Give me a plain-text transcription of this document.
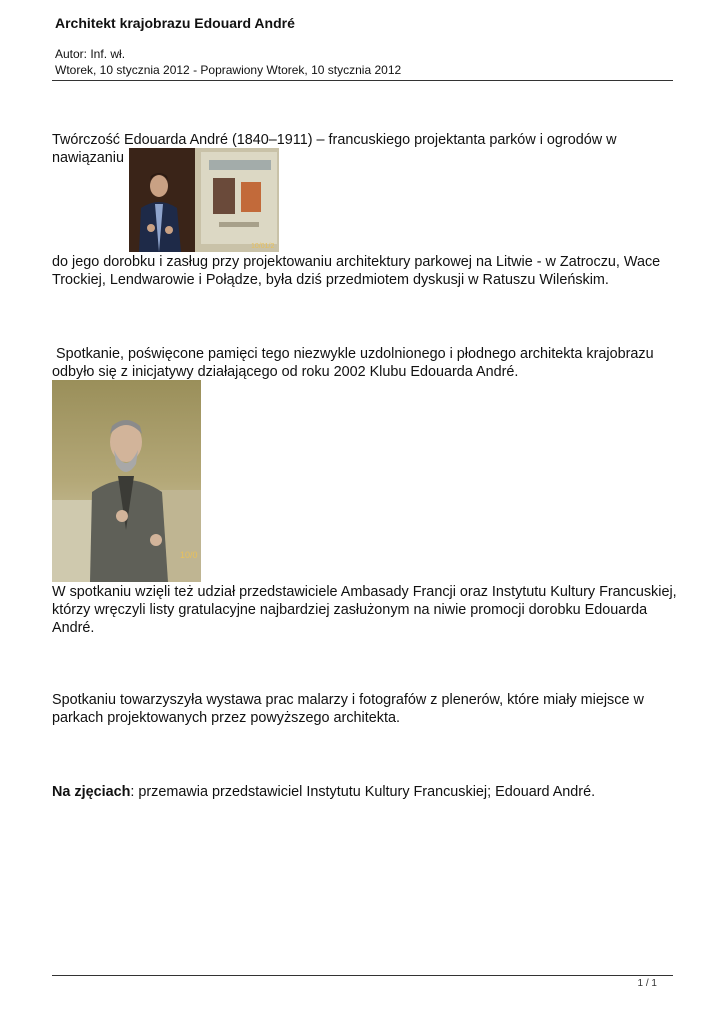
Architekt krajobrazu Edouard André
Autor: Inf. wł.
Wtorek, 10 stycznia 2012 - Poprawiony Wtorek, 10 stycznia 2012

Twórczość Edouarda André (1840–1911) – francuskiego projektanta parków i ogrodów w

nawiązaniu

10/01/2

do jego dorobku i zasług przy projektowaniu architektury parkowej na Litwie - w Zatroczu, Wace Trockiej, Lendwarowie i Połądze, była dziś przedmiotem dyskusji w Ratuszu Wileńskim.

Spotkanie, poświęcone pamięci tego niezwykle uzdolnionego i płodnego architekta krajobrazu odbyło się z inicjatywy działającego od roku 2002 Klubu Edouarda André.

10/0

W spotkaniu wzięli też udział przedstawiciele Ambasady Francji oraz Instytutu Kultury Francuskiej, którzy wręczyli listy gratulacyjne najbardziej zasłużonym na niwie promocji dorobku Edouarda André.

Spotkaniu towarzyszyła wystawa prac malarzy i fotografów z plenerów, które miały miejsce w parkach projektowanych przez powyższego architekta.

Na zjęciach: przemawia przedstawiciel Instytutu Kultury Francuskiej; Edouard André.

1 / 1
